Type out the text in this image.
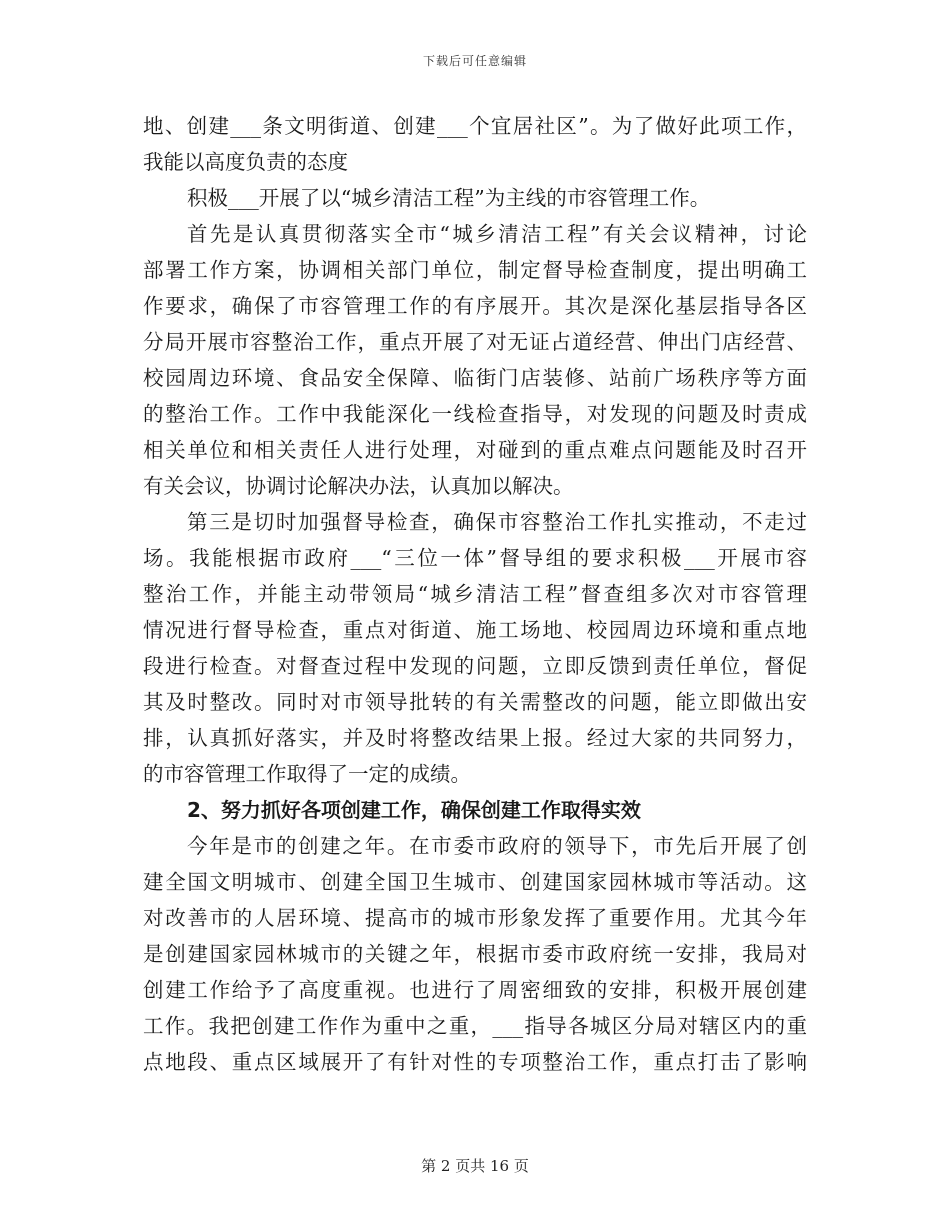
下载后可任意编辑
地、创建___条文明街道、创建___个宜居社区”。为了做好此项工作，
我能以高度负责的态度
积极___开展了以“城乡清洁工程”为主线的市容管理工作。
首先是认真贯彻落实全市“城乡清洁工程”有关会议精神，讨论
部署工作方案，协调相关部门单位，制定督导检查制度，提出明确工
作要求，确保了市容管理工作的有序展开。其次是深化基层指导各区
分局开展市容整治工作，重点开展了对无证占道经营、伸出门店经营、
校园周边环境、食品安全保障、临街门店装修、站前广场秩序等方面
的整治工作。工作中我能深化一线检查指导，对发现的问题及时责成
相关单位和相关责任人进行处理，对碰到的重点难点问题能及时召开
有关会议，协调讨论解决办法，认真加以解决。
第三是切时加强督导检查，确保市容整治工作扎实推动，不走过
场。我能根据市政府___“三位一体”督导组的要求积极___开展市容
整治工作，并能主动带领局“城乡清洁工程”督查组多次对市容管理
情况进行督导检查，重点对街道、施工场地、校园周边环境和重点地
段进行检查。对督查过程中发现的问题，立即反馈到责任单位，督促
其及时整改。同时对市领导批转的有关需整改的问题，能立即做出安
排，认真抓好落实，并及时将整改结果上报。经过大家的共同努力，
的市容管理工作取得了一定的成绩。
2、努力抓好各项创建工作，确保创建工作取得实效
今年是市的创建之年。在市委市政府的领导下，市先后开展了创
建全国文明城市、创建全国卫生城市、创建国家园林城市等活动。这
对改善市的人居环境、提高市的城市形象发挥了重要作用。尤其今年
是创建国家园林城市的关键之年，根据市委市政府统一安排，我局对
创建工作给予了高度重视。也进行了周密细致的安排，积极开展创建
工作。我把创建工作作为重中之重，___指导各城区分局对辖区内的重
点地段、重点区域展开了有针对性的专项整治工作，重点打击了影响
第 2 页共 16 页
